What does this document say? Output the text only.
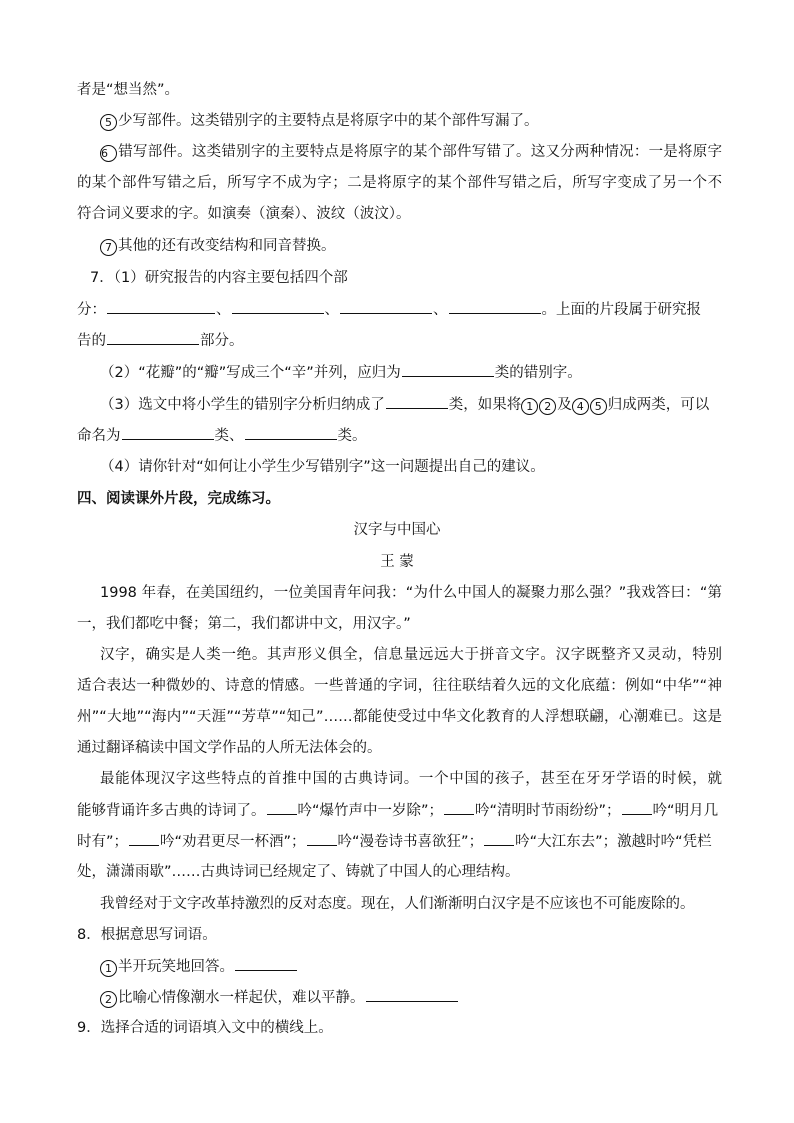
者是“想当然”。
5 少写部件。这类错别字的主要特点是将原字中的某个部件写漏了。
6 错写部件。这类错别字的主要特点是将原字的某个部件写错了。这又分两种情况：一是将原字
的某个部件写错之后，所写字不成为字；二是将原字的某个部件写错之后，所写字变成了另一个不
符合词义要求的字。如演奏（演秦）、波纹（波汶）。
7 其他的还有改变结构和同音替换。
7．（1）研究报告的内容主要包括四个部
分：	、	、	、	。上面的片段属于研究报
告的	部分。
（2）“花瓣”的“瓣”写成三个“辛”并列，应归为	类的错别字。
（3）选文中将小学生的错别字分析归纳成了	类，如果将 1 2 及 4 5 归成两类，可以
命名为	类、	类。
（4）请你针对“如何让小学生少写错别字”这一问题提出自己的建议。
四、阅读课外片段，完成练习。
汉字与中国心
王 蒙
1998 年春，在美国纽约，一位美国青年问我：“为什么中国人的凝聚力那么强？”我戏答曰：“第
一，我们都吃中餐；第二，我们都讲中文，用汉字。”
汉字，确实是人类一绝。其声形义俱全，信息量远远大于拼音文字。汉字既整齐又灵动，特别
适合表达一种微妙的、诗意的情感。一些普通的字词，往往联结着久远的文化底蕴：例如“中华”“神
州”“大地”“海内”“天涯”“芳草”“知己”……都能使受过中华文化教育的人浮想联翩，心潮难已。这是
通过翻译稿读中国文学作品的人所无法体会的。
最能体现汉字这些特点的首推中国的古典诗词。一个中国的孩子，甚至在牙牙学语的时候，就
能够背诵许多古典的诗词了。 吟“爆竹声中一岁除”； 吟“清明时节雨纷纷”； 吟“明月几
时有”； 吟“劝君更尽一杯酒”； 吟“漫卷诗书喜欲狂”； 吟“大江东去”；激越时吟“凭栏
处，潇潇雨歇”……古典诗词已经规定了、铸就了中国人的心理结构。
我曾经对于文字改革持激烈的反对态度。现在，人们渐渐明白汉字是不应该也不可能废除的。
8．根据意思写词语。
1 半开玩笑地回答。
2 比喻心情像潮水一样起伏，难以平静。
9．选择合适的词语填入文中的横线上。
